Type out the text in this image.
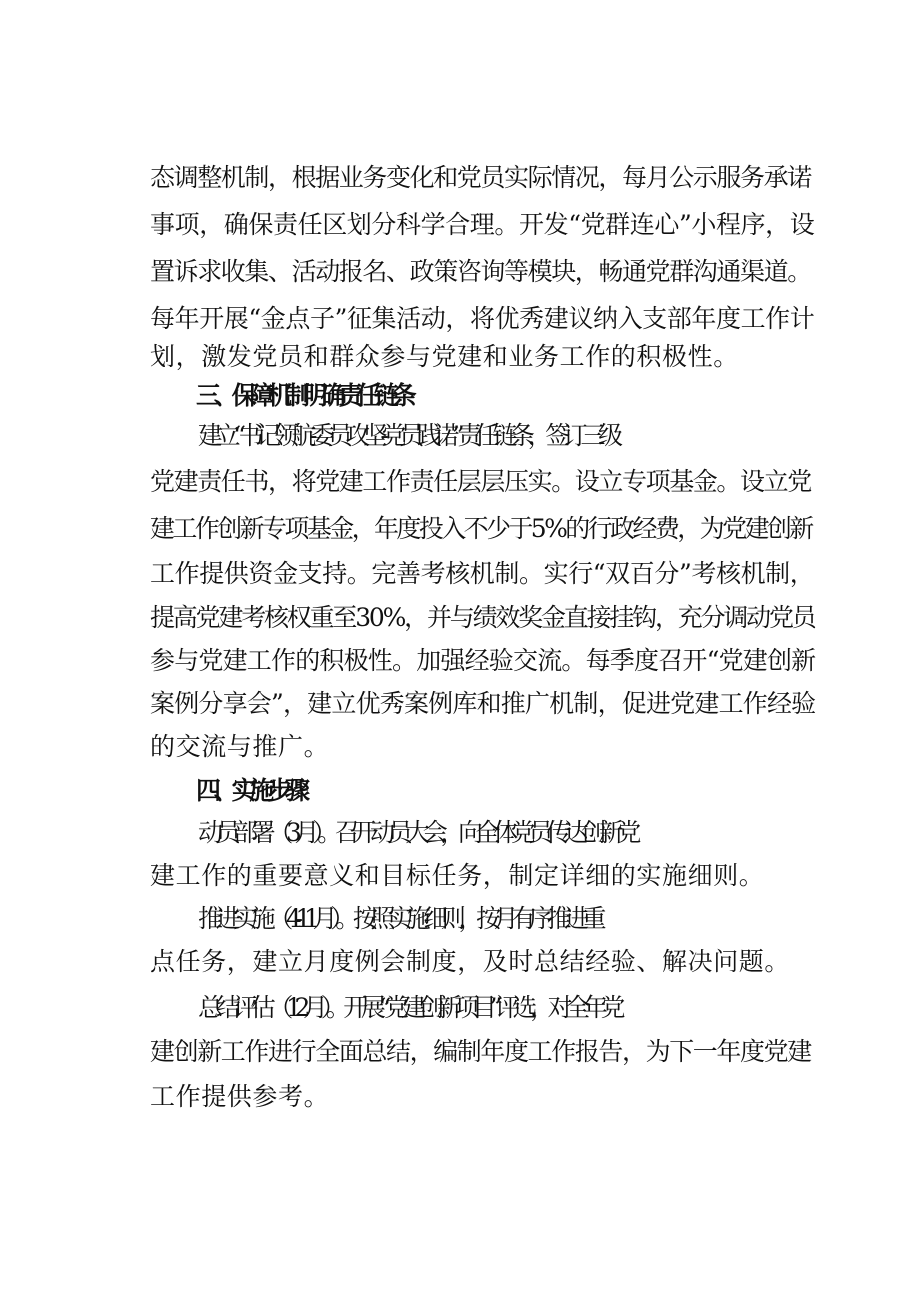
态调整机制，根据业务变化和党员实际情况，每月公示服务承诺
事项，确保责任区划分科学合理。开发“党群连心”小程序，设
置诉求收集、活动报名、政策咨询等模块，畅通党群沟通渠道。
每年开展“金点子”征集活动，将优秀建议纳入支部年度工作计
划，激发党员和群众参与党建和业务工作的积极性。
三、保障机制明确责任链条
建立“书记领航-委员攻坚-党员践诺”责任链条，签订三级
党建责任书，将党建工作责任层层压实。设立专项基金。设立党
建工作创新专项基金，年度投入不少于5%的行政经费，为党建创新
工作提供资金支持。完善考核机制。实行“双百分”考核机制，
提高党建考核权重至30%，并与绩效奖金直接挂钩，充分调动党员
参与党建工作的积极性。加强经验交流。每季度召开“党建创新
案例分享会”，建立优秀案例库和推广机制，促进党建工作经验
的交流与推广。
四、实施步骤
动员部署（3月）。召开动员大会，向全体党员传达创新党
建工作的重要意义和目标任务，制定详细的实施细则。
推进实施（4-11月）。按照实施细则，按月有序推进重
点任务，建立月度例会制度，及时总结经验、解决问题。
总结评估（12月）。开展“党建创新项目”评选，对全年党
建创新工作进行全面总结，编制年度工作报告，为下一年度党建
工作提供参考。
